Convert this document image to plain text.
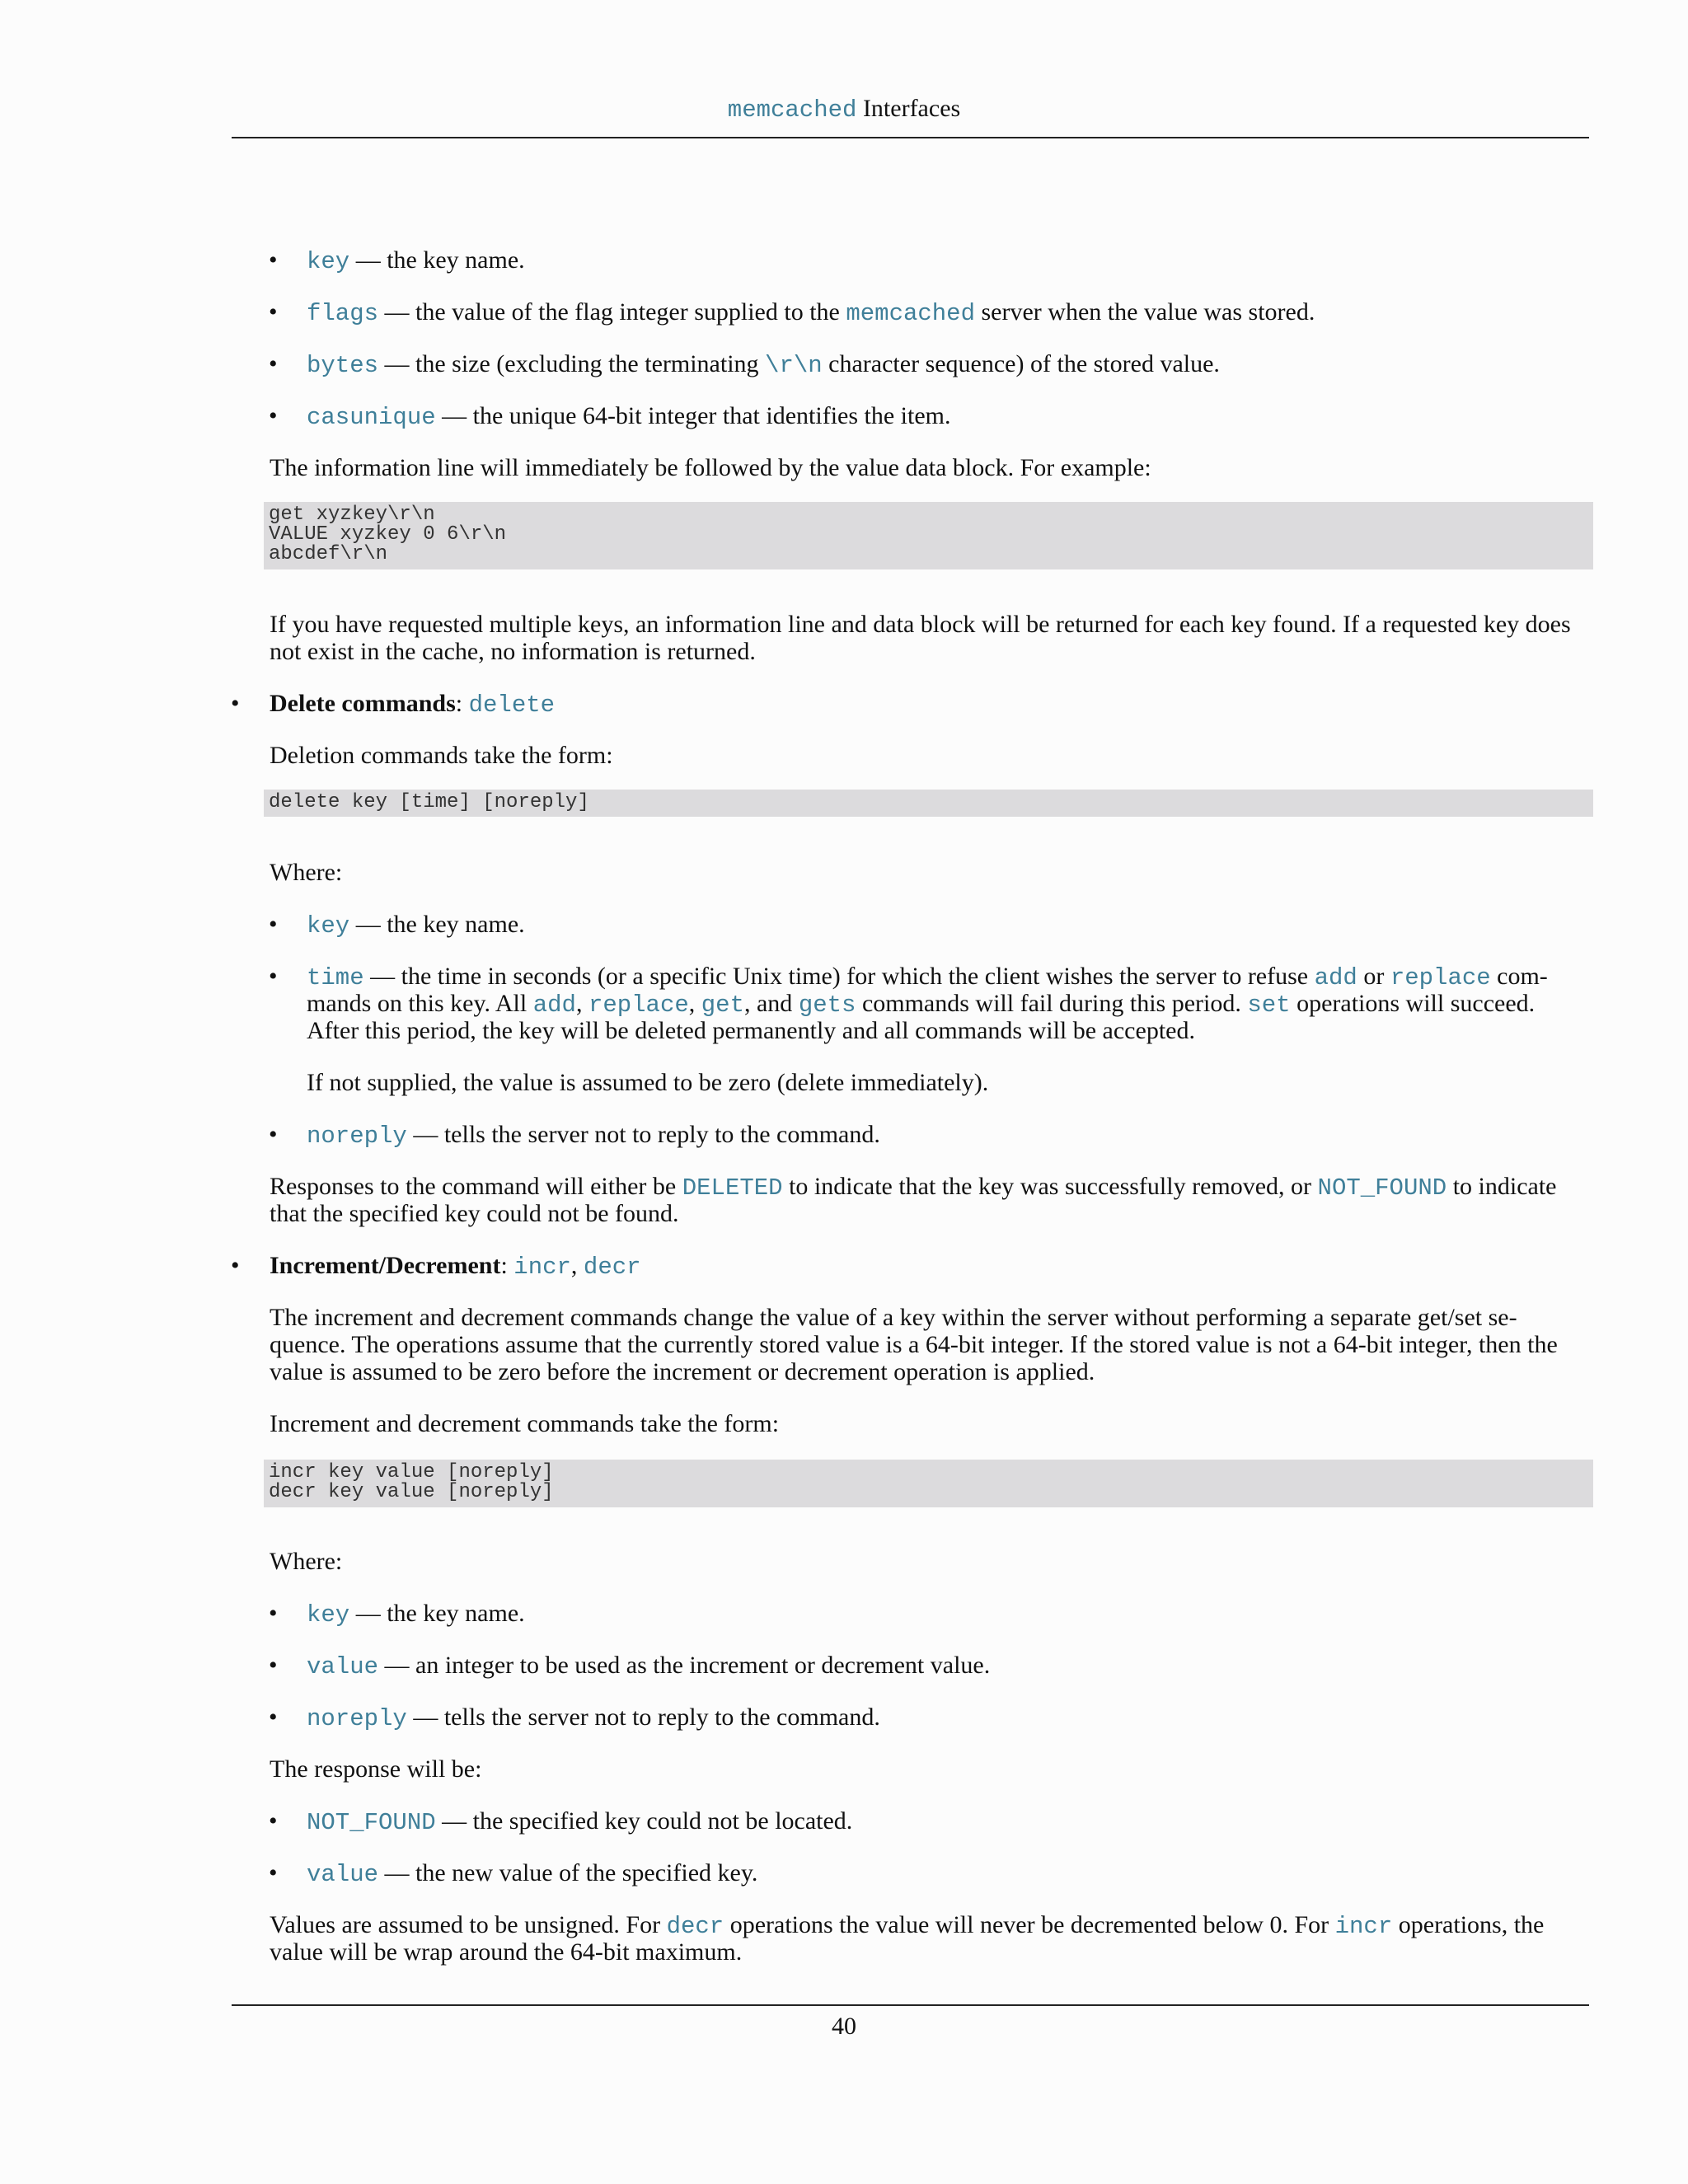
memcached Interfaces
• key — the key name.
• flags — the value of the flag integer supplied to the memcached server when the value was stored.
• bytes — the size (excluding the terminating \r\n character sequence) of the stored value.
• casunique — the unique 64-bit integer that identifies the item.
The information line will immediately be followed by the value data block. For example:
get xyzkey\r\n
VALUE xyzkey 0 6\r\n
abcdef\r\n
If you have requested multiple keys, an information line and data block will be returned for each key found. If a requested key does
not exist in the cache, no information is returned.
• Delete commands: delete
Deletion commands take the form:
delete key [time] [noreply]
Where:
• key — the key name.
• time — the time in seconds (or a specific Unix time) for which the client wishes the server to refuse add or replace com-
mands on this key. All add, replace, get, and gets commands will fail during this period. set operations will succeed.
After this period, the key will be deleted permanently and all commands will be accepted.
If not supplied, the value is assumed to be zero (delete immediately).
• noreply — tells the server not to reply to the command.
Responses to the command will either be DELETED to indicate that the key was successfully removed, or NOT_FOUND to indicate
that the specified key could not be found.
• Increment/Decrement: incr, decr
The increment and decrement commands change the value of a key within the server without performing a separate get/set se-
quence. The operations assume that the currently stored value is a 64-bit integer. If the stored value is not a 64-bit integer, then the
value is assumed to be zero before the increment or decrement operation is applied.
Increment and decrement commands take the form:
incr key value [noreply]
decr key value [noreply]
Where:
• key — the key name.
• value — an integer to be used as the increment or decrement value.
• noreply — tells the server not to reply to the command.
The response will be:
• NOT_FOUND — the specified key could not be located.
• value — the new value of the specified key.
Values are assumed to be unsigned. For decr operations the value will never be decremented below 0. For incr operations, the
value will be wrap around the 64-bit maximum.
40
